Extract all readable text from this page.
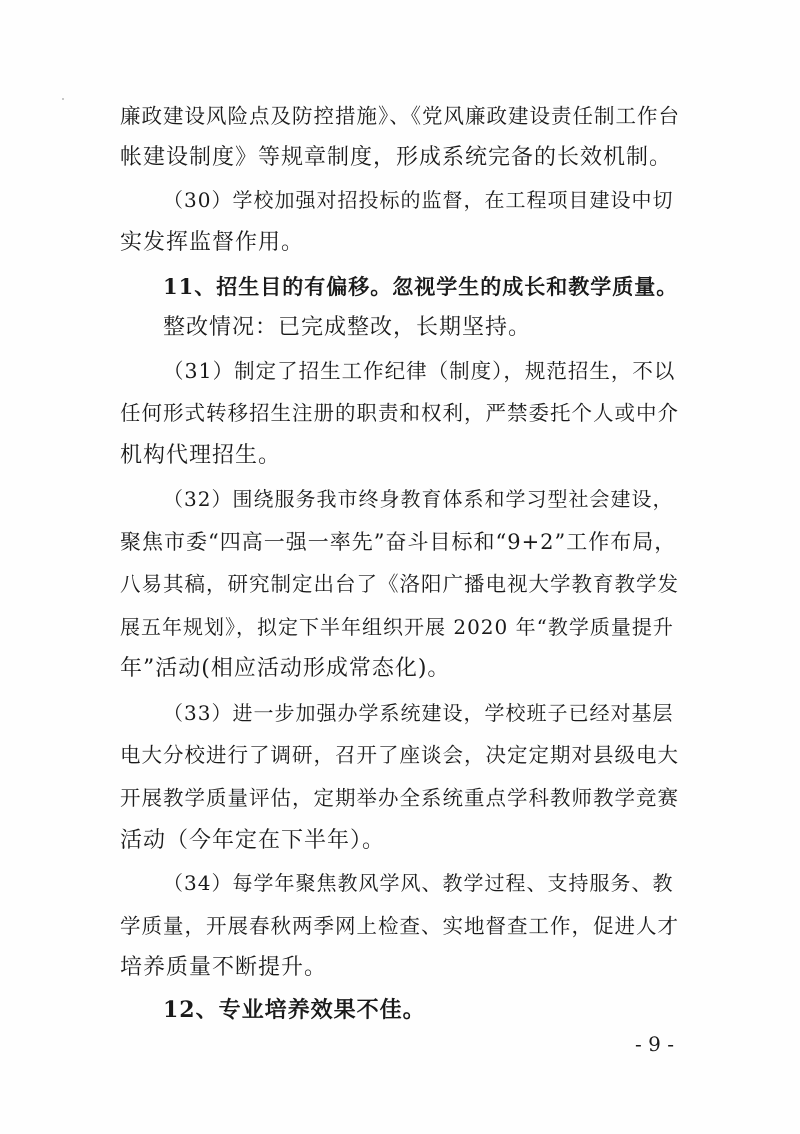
廉政建设风险点及防控措施》、《党风廉政建设责任制工作台
帐建设制度》等规章制度，形成系统完备的长效机制。
（30）学校加强对招投标的监督，在工程项目建设中切
实发挥监督作用。
11、招生目的有偏移。忽视学生的成长和教学质量。
整改情况：已完成整改，长期坚持。
（31）制定了招生工作纪律（制度），规范招生，不以
任何形式转移招生注册的职责和权利，严禁委托个人或中介
机构代理招生。
（32）围绕服务我市终身教育体系和学习型社会建设，
聚焦市委“四高一强一率先”奋斗目标和“9+2”工作布局，
八易其稿，研究制定出台了《洛阳广播电视大学教育教学发
展五年规划》，拟定下半年组织开展 2020 年“教学质量提升
年”活动(相应活动形成常态化)。
（33）进一步加强办学系统建设，学校班子已经对基层
电大分校进行了调研，召开了座谈会，决定定期对县级电大
开展教学质量评估，定期举办全系统重点学科教师教学竞赛
活动（今年定在下半年）。
（34）每学年聚焦教风学风、教学过程、支持服务、教
学质量，开展春秋两季网上检查、实地督查工作，促进人才
培养质量不断提升。
12、专业培养效果不佳。
- 9 -
